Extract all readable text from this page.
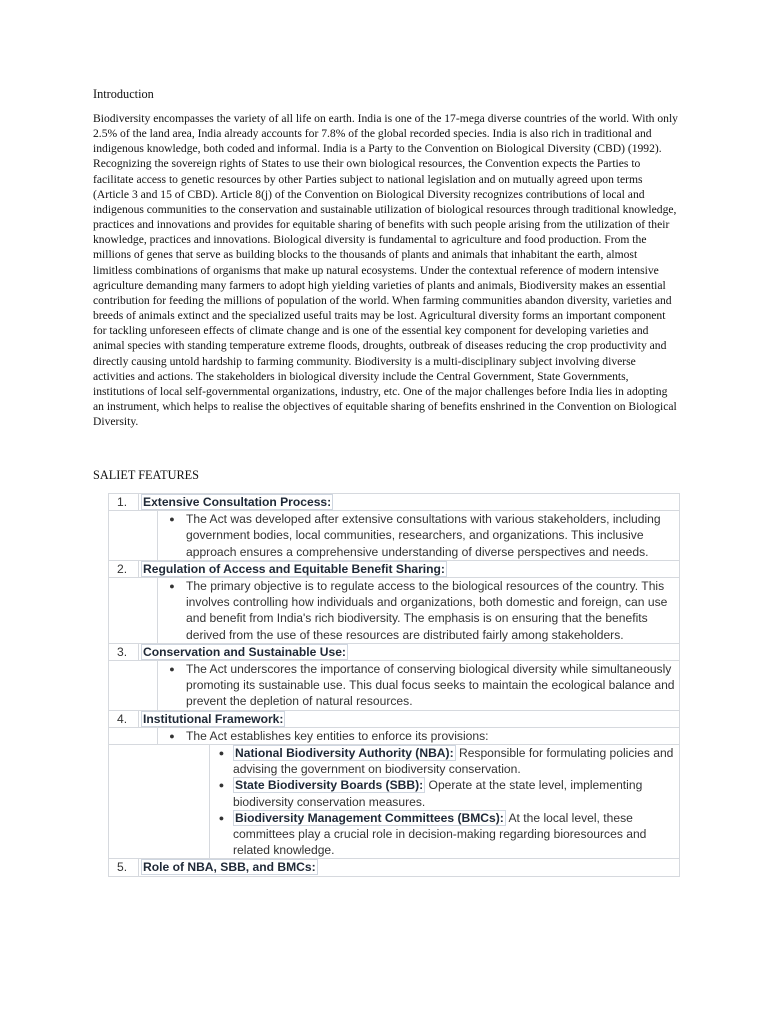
Introduction
Biodiversity encompasses the variety of all life on earth. India is one of the 17-mega diverse countries of the world. With only 2.5% of the land area, India already accounts for 7.8% of the global recorded species. India is also rich in traditional and indigenous knowledge, both coded and informal. India is a Party to the Convention on Biological Diversity (CBD) (1992). Recognizing the sovereign rights of States to use their own biological resources, the Convention expects the Parties to facilitate access to genetic resources by other Parties subject to national legislation and on mutually agreed upon terms (Article 3 and 15 of CBD). Article 8(j) of the Convention on Biological Diversity recognizes contributions of local and indigenous communities to the conservation and sustainable utilization of biological resources through traditional knowledge, practices and innovations and provides for equitable sharing of benefits with such people arising from the utilization of their knowledge, practices and innovations. Biological diversity is fundamental to agriculture and food production. From the millions of genes that serve as building blocks to the thousands of plants and animals that inhabitant the earth, almost limitless combinations of organisms that make up natural ecosystems. Under the contextual reference of modern intensive agriculture demanding many farmers to adopt high yielding varieties of plants and animals, Biodiversity makes an essential contribution for feeding the millions of population of the world. When farming communities abandon diversity, varieties and breeds of animals extinct and the specialized useful traits may be lost. Agricultural diversity forms an important component for tackling unforeseen effects of climate change and is one of the essential key component for developing varieties and animal species with standing temperature extreme floods, droughts, outbreak of diseases reducing the crop productivity and directly causing untold hardship to farming community. Biodiversity is a multi-disciplinary subject involving diverse activities and actions. The stakeholders in biological diversity include the Central Government, State Governments, institutions of local self-governmental organizations, industry, etc. One of the major challenges before India lies in adopting an instrument, which helps to realise the objectives of equitable sharing of benefits enshrined in the Convention on Biological Diversity.
SALIET FEATURES
1.	Extensive Consultation Process:
● The Act was developed after extensive consultations with various stakeholders, including government bodies, local communities, researchers, and organizations. This inclusive approach ensures a comprehensive understanding of diverse perspectives and needs.
2.	Regulation of Access and Equitable Benefit Sharing:
● The primary objective is to regulate access to the biological resources of the country. This involves controlling how individuals and organizations, both domestic and foreign, can use and benefit from India's rich biodiversity. The emphasis is on ensuring that the benefits derived from the use of these resources are distributed fairly among stakeholders.
3.	Conservation and Sustainable Use:
● The Act underscores the importance of conserving biological diversity while simultaneously promoting its sustainable use. This dual focus seeks to maintain the ecological balance and prevent the depletion of natural resources.
4.	Institutional Framework:
● The Act establishes key entities to enforce its provisions:
● National Biodiversity Authority (NBA): Responsible for formulating policies and advising the government on biodiversity conservation.
● State Biodiversity Boards (SBB): Operate at the state level, implementing biodiversity conservation measures.
● Biodiversity Management Committees (BMCs): At the local level, these committees play a crucial role in decision-making regarding bioresources and related knowledge.
5.	Role of NBA, SBB, and BMCs:
